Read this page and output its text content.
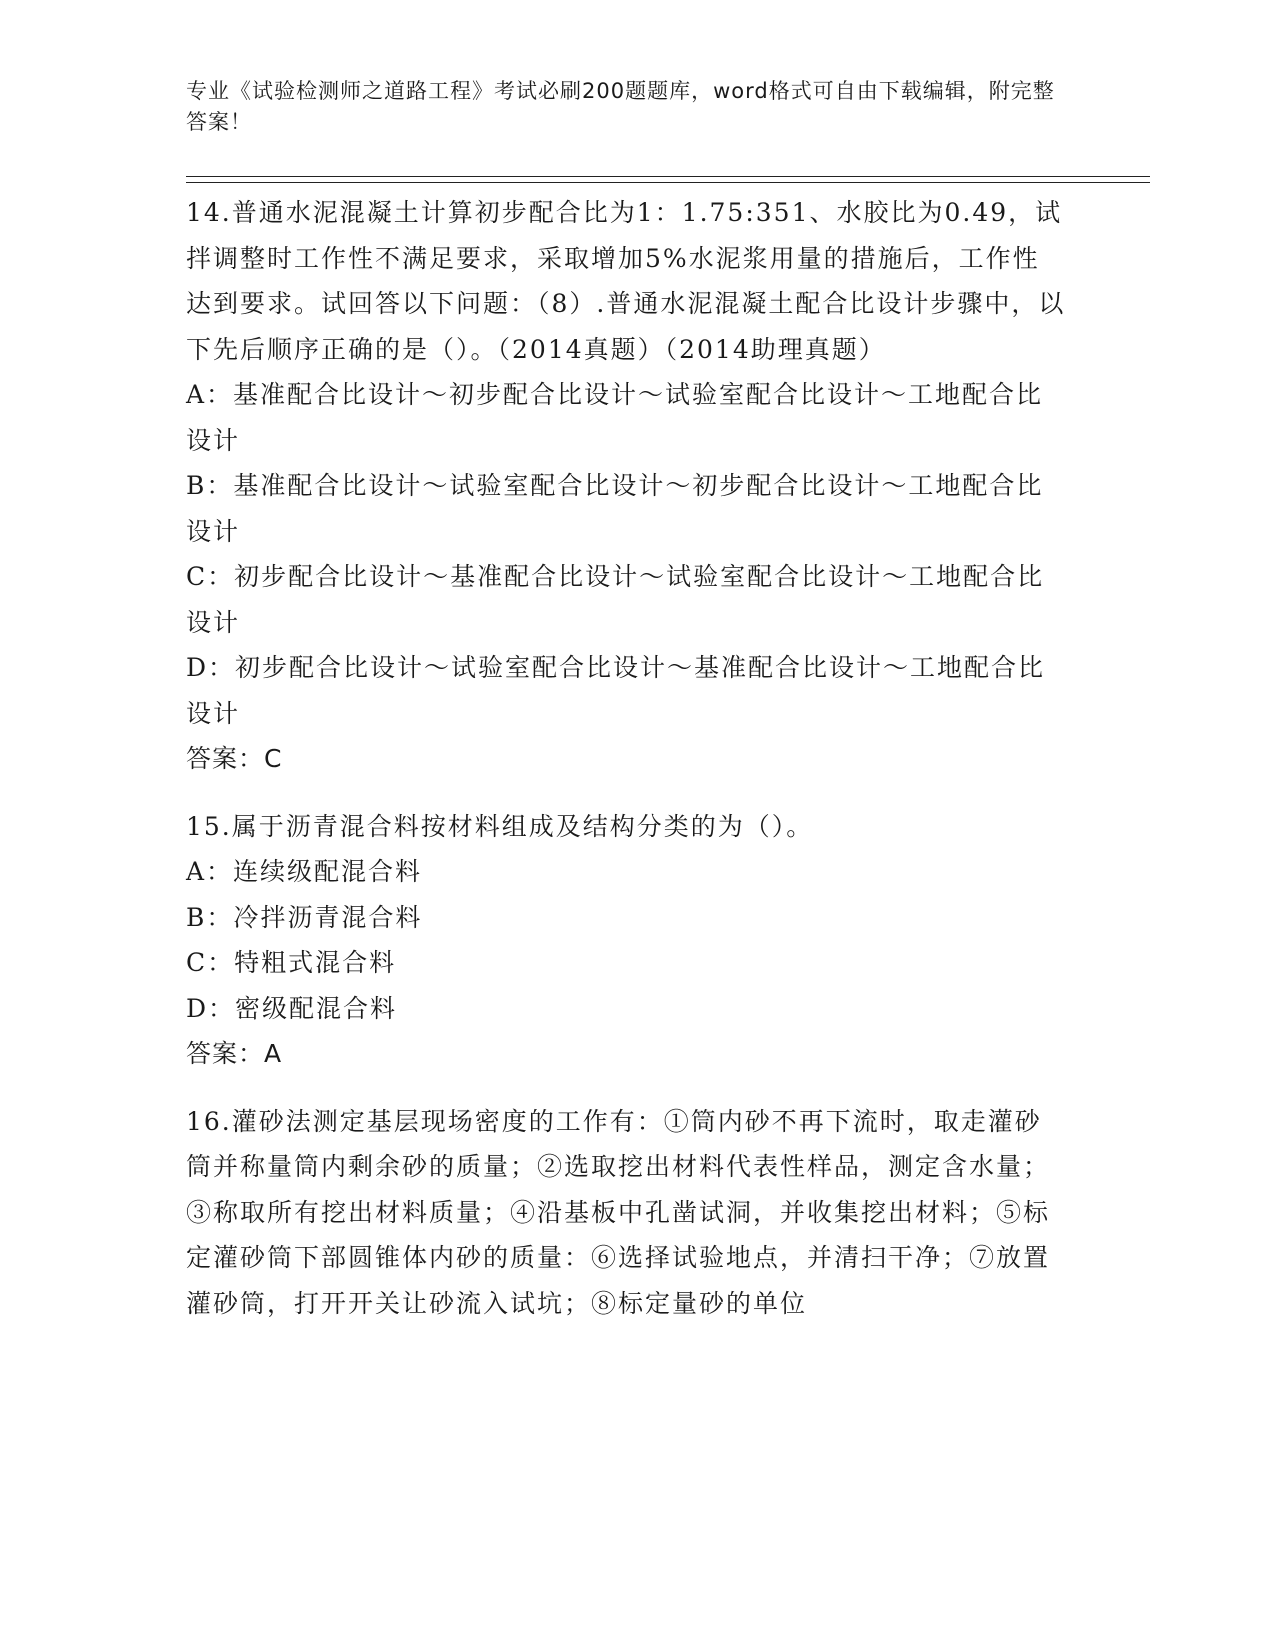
专业《试验检测师之道路工程》考试必刷200题题库，word格式可自由下载编辑，附完整答案！

14.普通水泥混凝土计算初步配合比为1：1.75:351、水胶比为0.49，试拌调整时工作性不满足要求，采取增加5%水泥浆用量的措施后，工作性达到要求。试回答以下问题：（8）.普通水泥混凝土配合比设计步骤中，以下先后顺序正确的是（）。（2014真题）（2014助理真题）

A：基准配合比设计～初步配合比设计～试验室配合比设计～工地配合比设计

B：基准配合比设计～试验室配合比设计～初步配合比设计～工地配合比设计

C：初步配合比设计～基准配合比设计～试验室配合比设计～工地配合比设计

D：初步配合比设计～试验室配合比设计～基准配合比设计～工地配合比设计

答案：C

15.属于沥青混合料按材料组成及结构分类的为（）。

A：连续级配混合料

B：冷拌沥青混合料

C：特粗式混合料

D：密级配混合料

答案：A

16.灌砂法测定基层现场密度的工作有：①筒内砂不再下流时，取走灌砂筒并称量筒内剩余砂的质量；②选取挖出材料代表性样品，测定含水量；③称取所有挖出材料质量；④沿基板中孔凿试洞，并收集挖出材料；⑤标定灌砂筒下部圆锥体内砂的质量：⑥选择试验地点，并清扫干净；⑦放置灌砂筒，打开开关让砂流入试坑；⑧标定量砂的单位
